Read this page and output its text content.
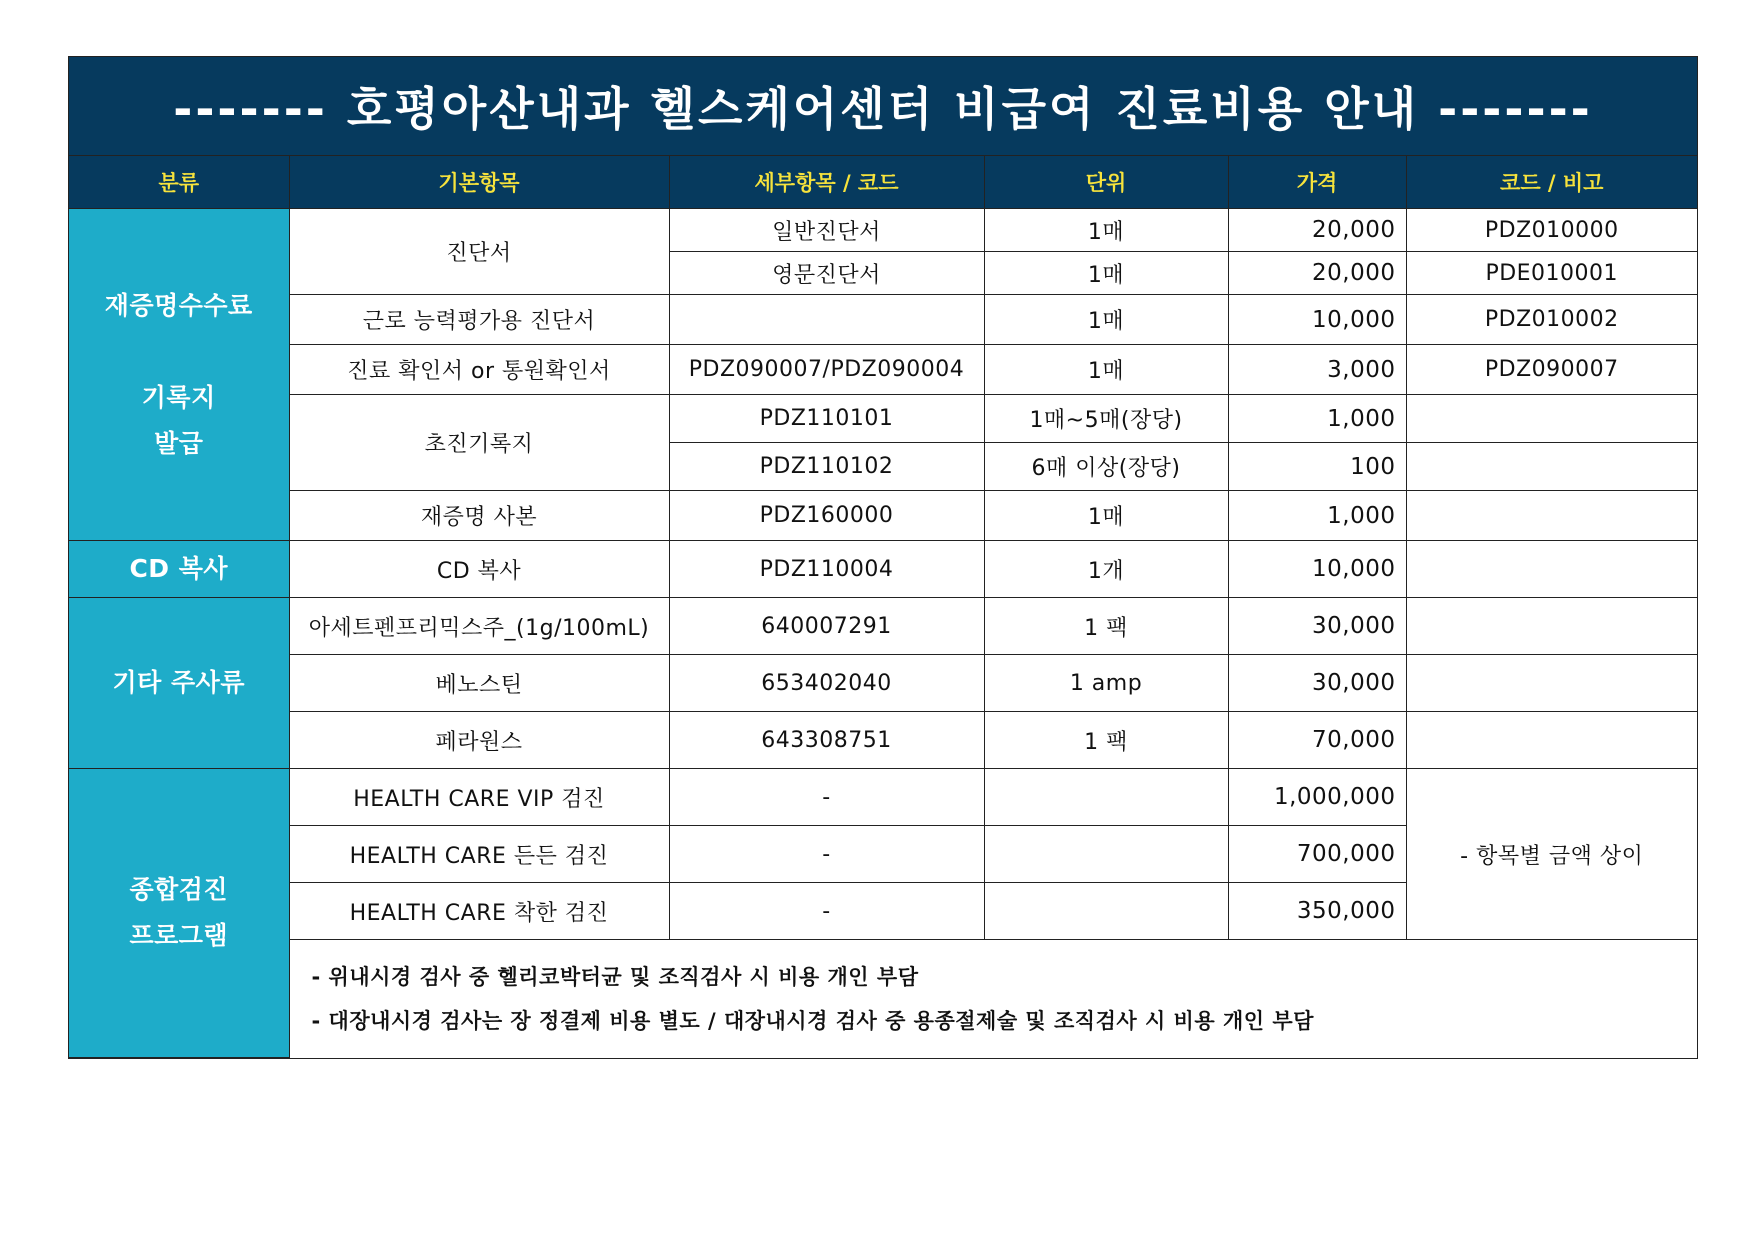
------- 호평아산내과 헬스케어센터 비급여 진료비용 안내 -------
분류	기본항목	세부항목 / 코드	단위	가격	코드 / 비고

재증명수수료
기록지
발급	진단서	일반진단서	1매	20,000	PDZ010000
		영문진단서	1매	20,000	PDE010001
	근로 능력평가용 진단서		1매	10,000	PDZ010002
	진료 확인서 or 통원확인서	PDZ090007/PDZ090004	1매	3,000	PDZ090007
	초진기록지	PDZ110101	1매~5매(장당)	1,000	
		PDZ110102	6매 이상(장당)	100	
	재증명 사본	PDZ160000	1매	1,000	
CD 복사	CD 복사	PDZ110004	1개	10,000	
기타 주사류	아세트펜프리믹스주_(1g/100mL)	640007291	1 팩	30,000	
	베노스틴	653402040	1 amp	30,000	
	페라원스	643308751	1 팩	70,000	

종합검진
프로그램	HEALTH CARE VIP 검진	-		1,000,000	- 항목별 금액 상이
	HEALTH CARE 든든 검진	-		700,000	
	HEALTH CARE 착한 검진	-		350,000	

	- 위내시경 검사 중 헬리코박터균 및 조직검사 시 비용 개인 부담
- 대장내시경 검사는 장 정결제 비용 별도 / 대장내시경 검사 중 용종절제술 및 조직검사 시 비용 개인 부담				
